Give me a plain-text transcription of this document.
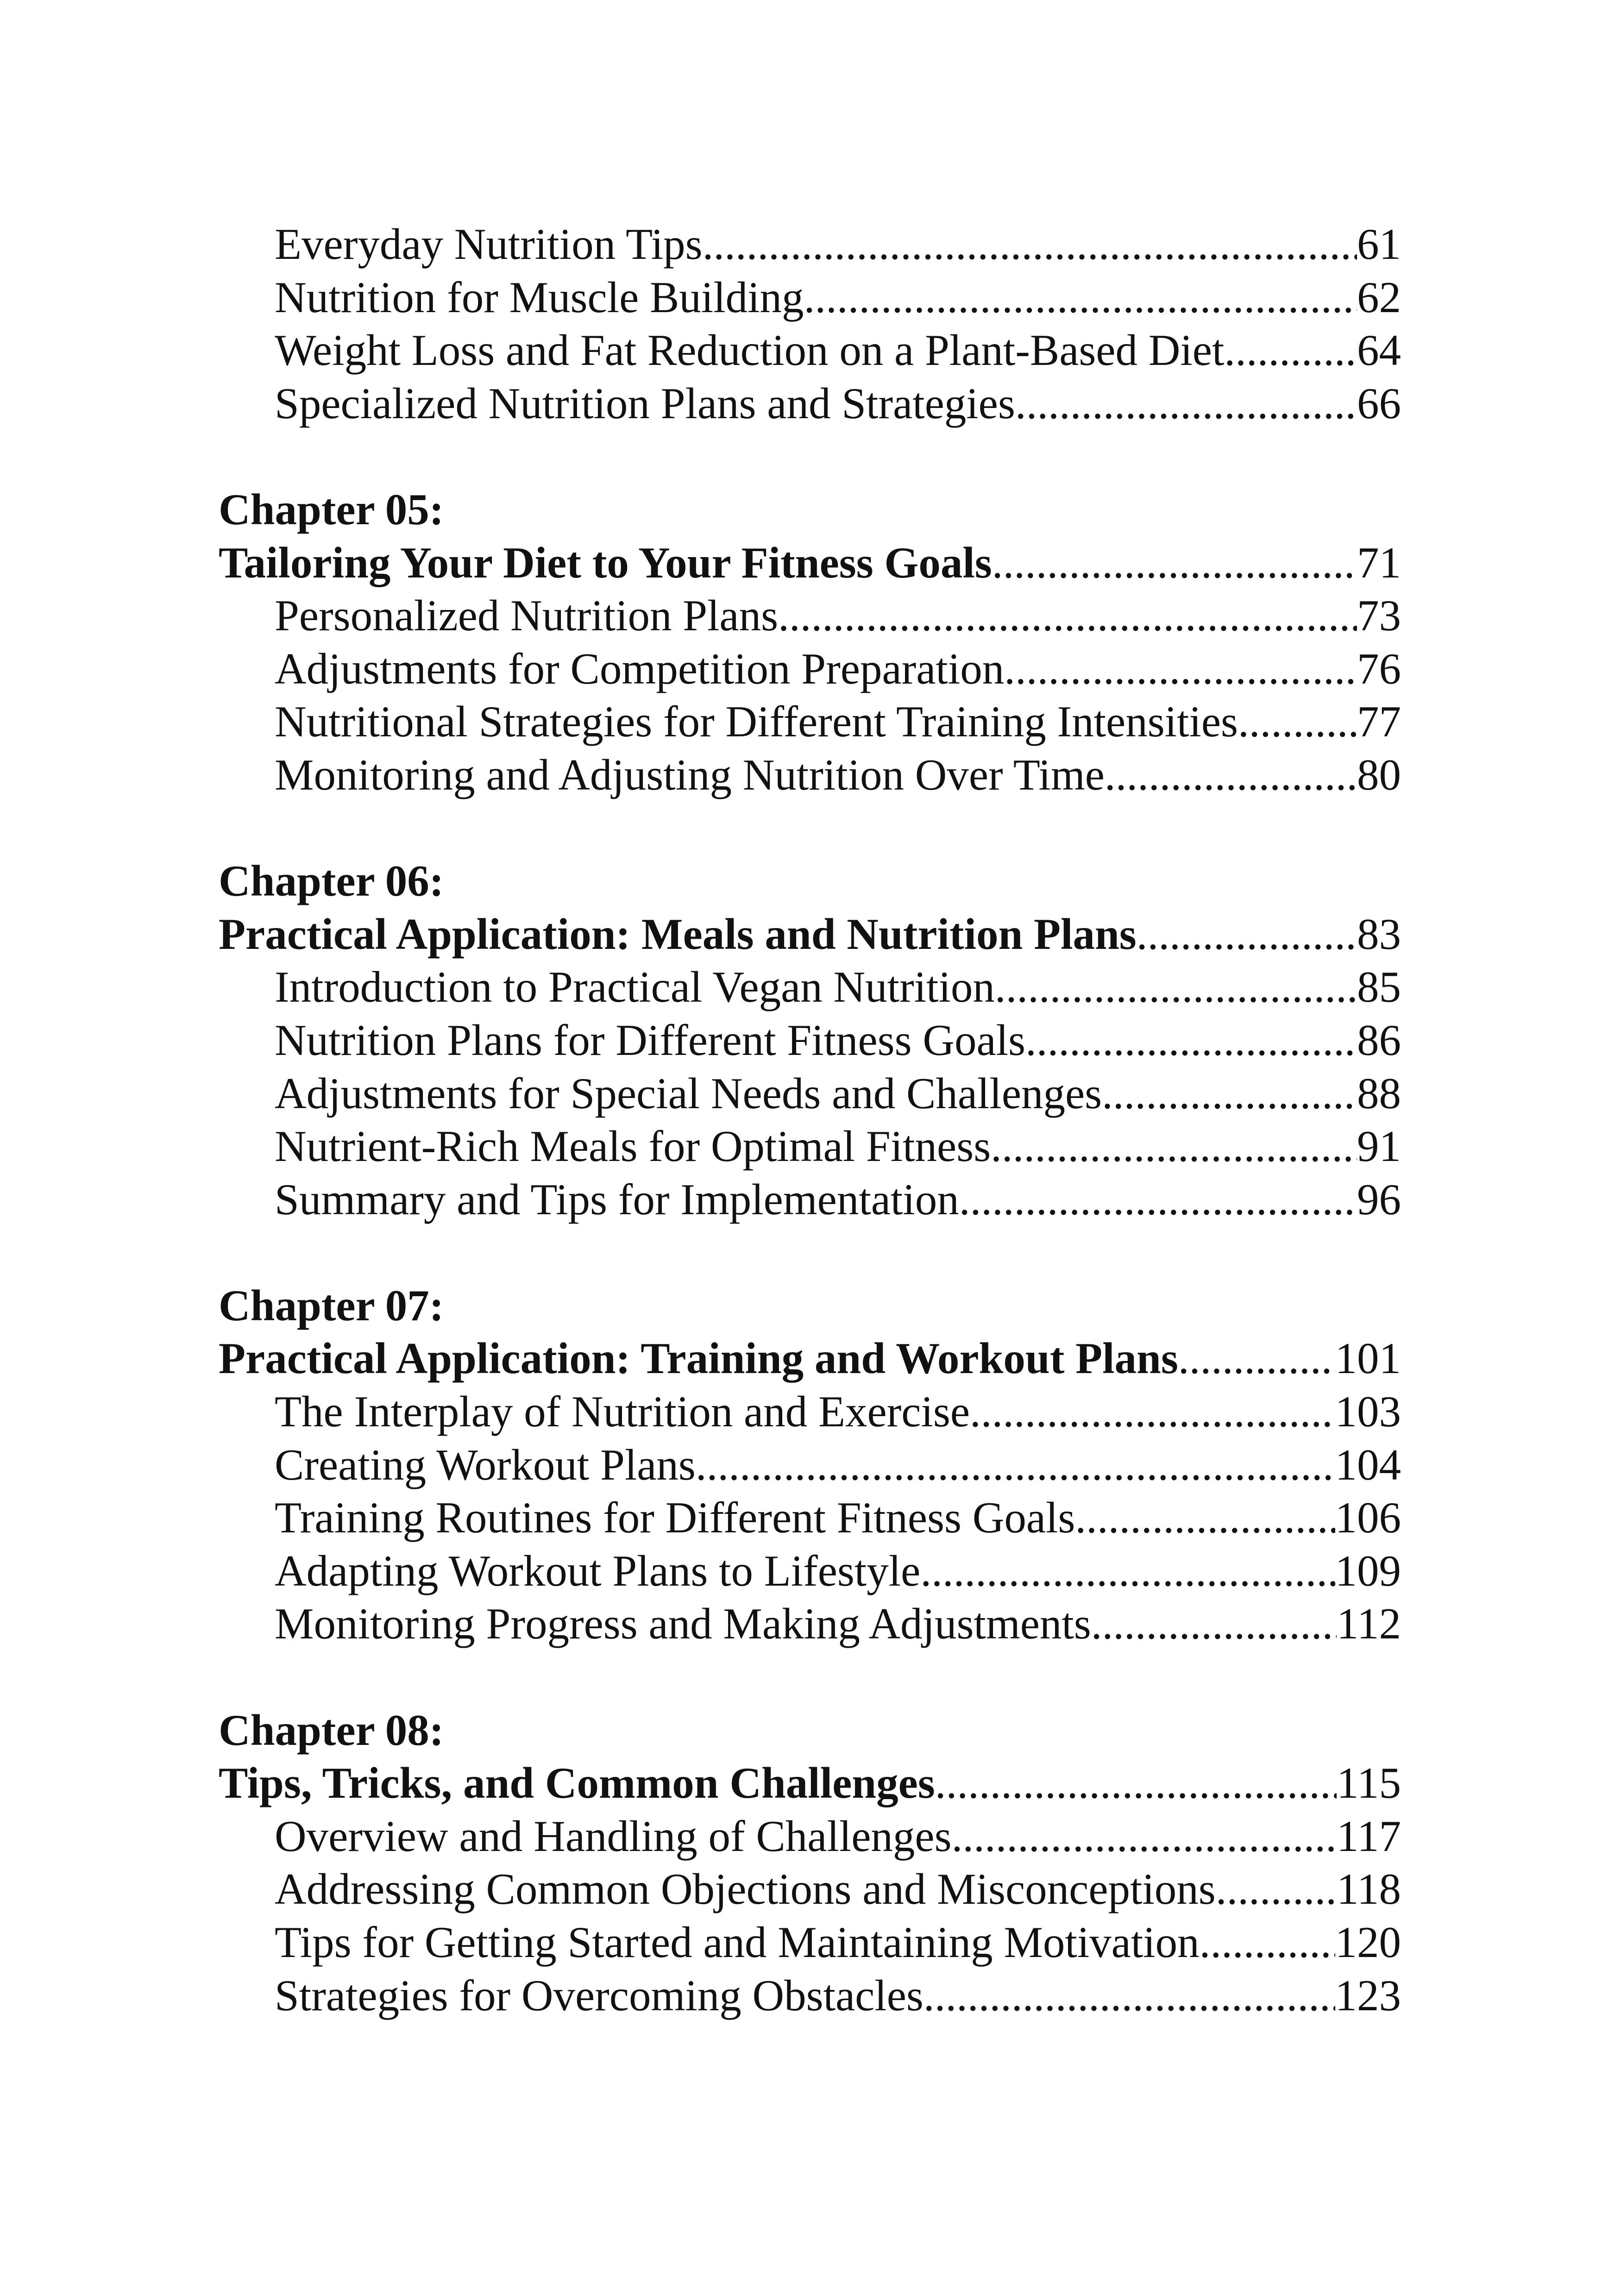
Everyday Nutrition Tips .....	61
Nutrition for Muscle Building .....	62
Weight Loss and Fat Reduction on a Plant-Based Diet .....	64
Specialized Nutrition Plans and Strategies .....	66
Chapter 05:
Tailoring Your Diet to Your Fitness Goals .....	71
Personalized Nutrition Plans .....	73
Adjustments for Competition Preparation .....	76
Nutritional Strategies for Different Training Intensities .....	77
Monitoring and Adjusting Nutrition Over Time .....	80
Chapter 06:
Practical Application: Meals and Nutrition Plans .....	83
Introduction to Practical Vegan Nutrition .....	85
Nutrition Plans for Different Fitness Goals .....	86
Adjustments for Special Needs and Challenges .....	88
Nutrient-Rich Meals for Optimal Fitness .....	91
Summary and Tips for Implementation .....	96
Chapter 07:
Practical Application: Training and Workout Plans .....	101
The Interplay of Nutrition and Exercise .....	103
Creating Workout Plans .....	104
Training Routines for Different Fitness Goals .....	106
Adapting Workout Plans to Lifestyle .....	109
Monitoring Progress and Making Adjustments .....	112
Chapter 08:
Tips, Tricks, and Common Challenges .....	115
Overview and Handling of Challenges .....	117
Addressing Common Objections and Misconceptions .....	118
Tips for Getting Started and Maintaining Motivation .....	120
Strategies for Overcoming Obstacles .....	123
